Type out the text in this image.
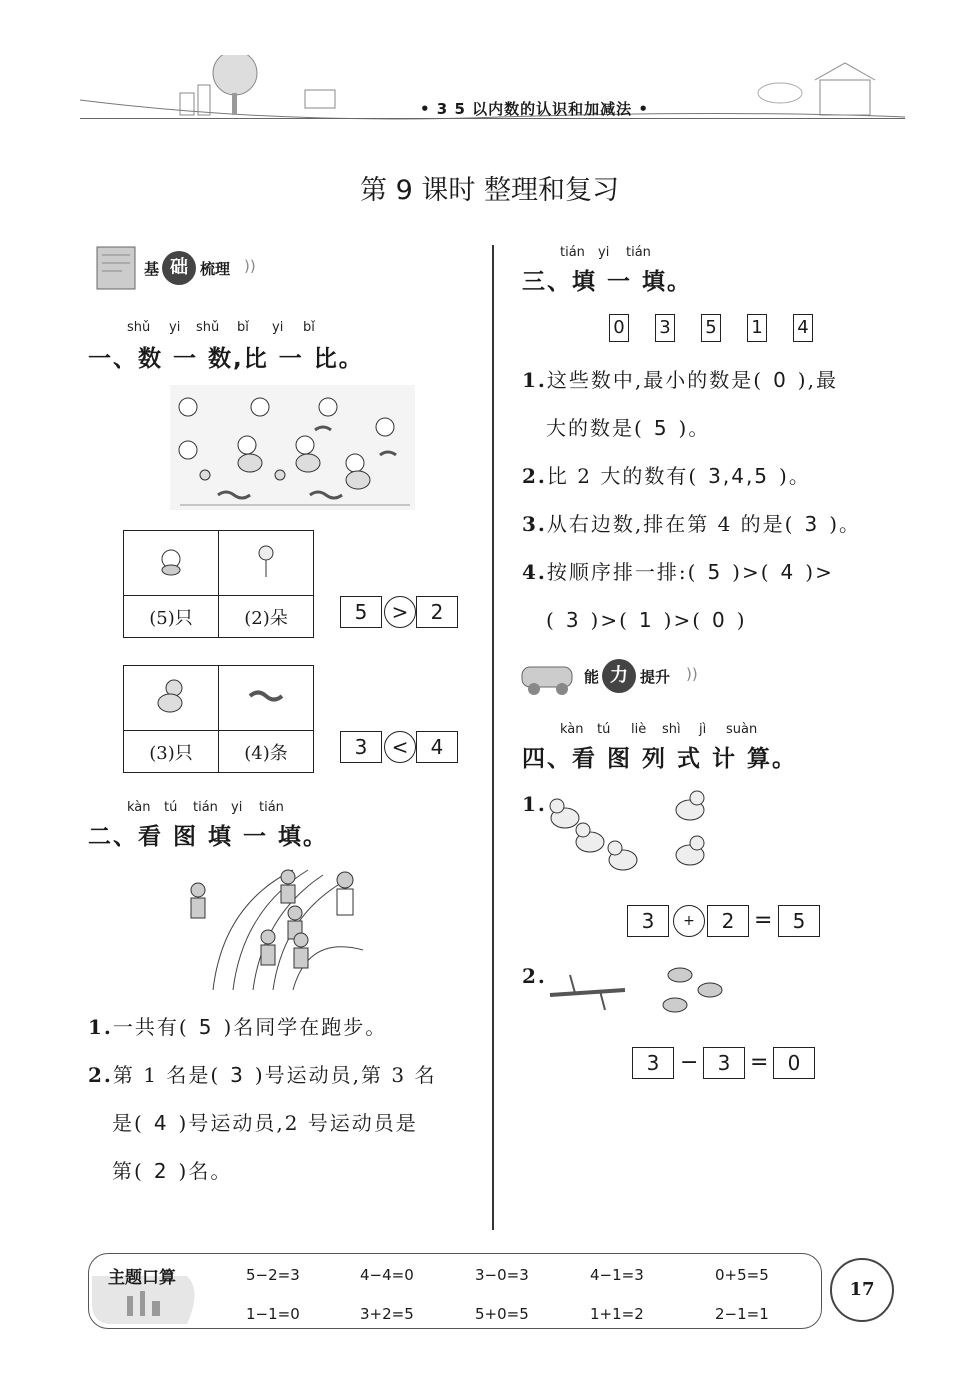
• 3 5 以内数的认识和加减法 •
第 9 课时 整理和复习
基 础 梳理 ))
shǔ yi shǔ bǐ yi bǐ
一、数 一 数,比 一 比。

(5)只	(2)朵	5	>	2

(3)只	(4)条	3	<	4
kàn tú tián yi tián
二、看 图 填 一 填。
1.一共有( 5 )名同学在跑步。
2.第 1 名是( 3 )号运动员,第 3 名
是( 4 )号运动员,2 号运动员是
第( 2 )名。
tián yi tián
三、填 一 填。
0 3 5 1 4
1.这些数中,最小的数是( 0 ),最
大的数是( 5 )。
2.比 2 大的数有( 3,4,5 )。
3.从右边数,排在第 4 的是( 3 )。
4.按顺序排一排:( 5 )>( 4 )>
( 3 )>( 1 )>( 0 )
能 力 提升 ))
kàn tú liè shì jì suàn
四、看 图 列 式 计 算。
1.
3	+	2 =	5
2.
3 − 3 = 0
主题口算	5−2=3	4−4=0	3−0=3	4−1=3	0+5=5
1−1=0	3+2=5	5+0=5	1+1=2	2−1=1
17
